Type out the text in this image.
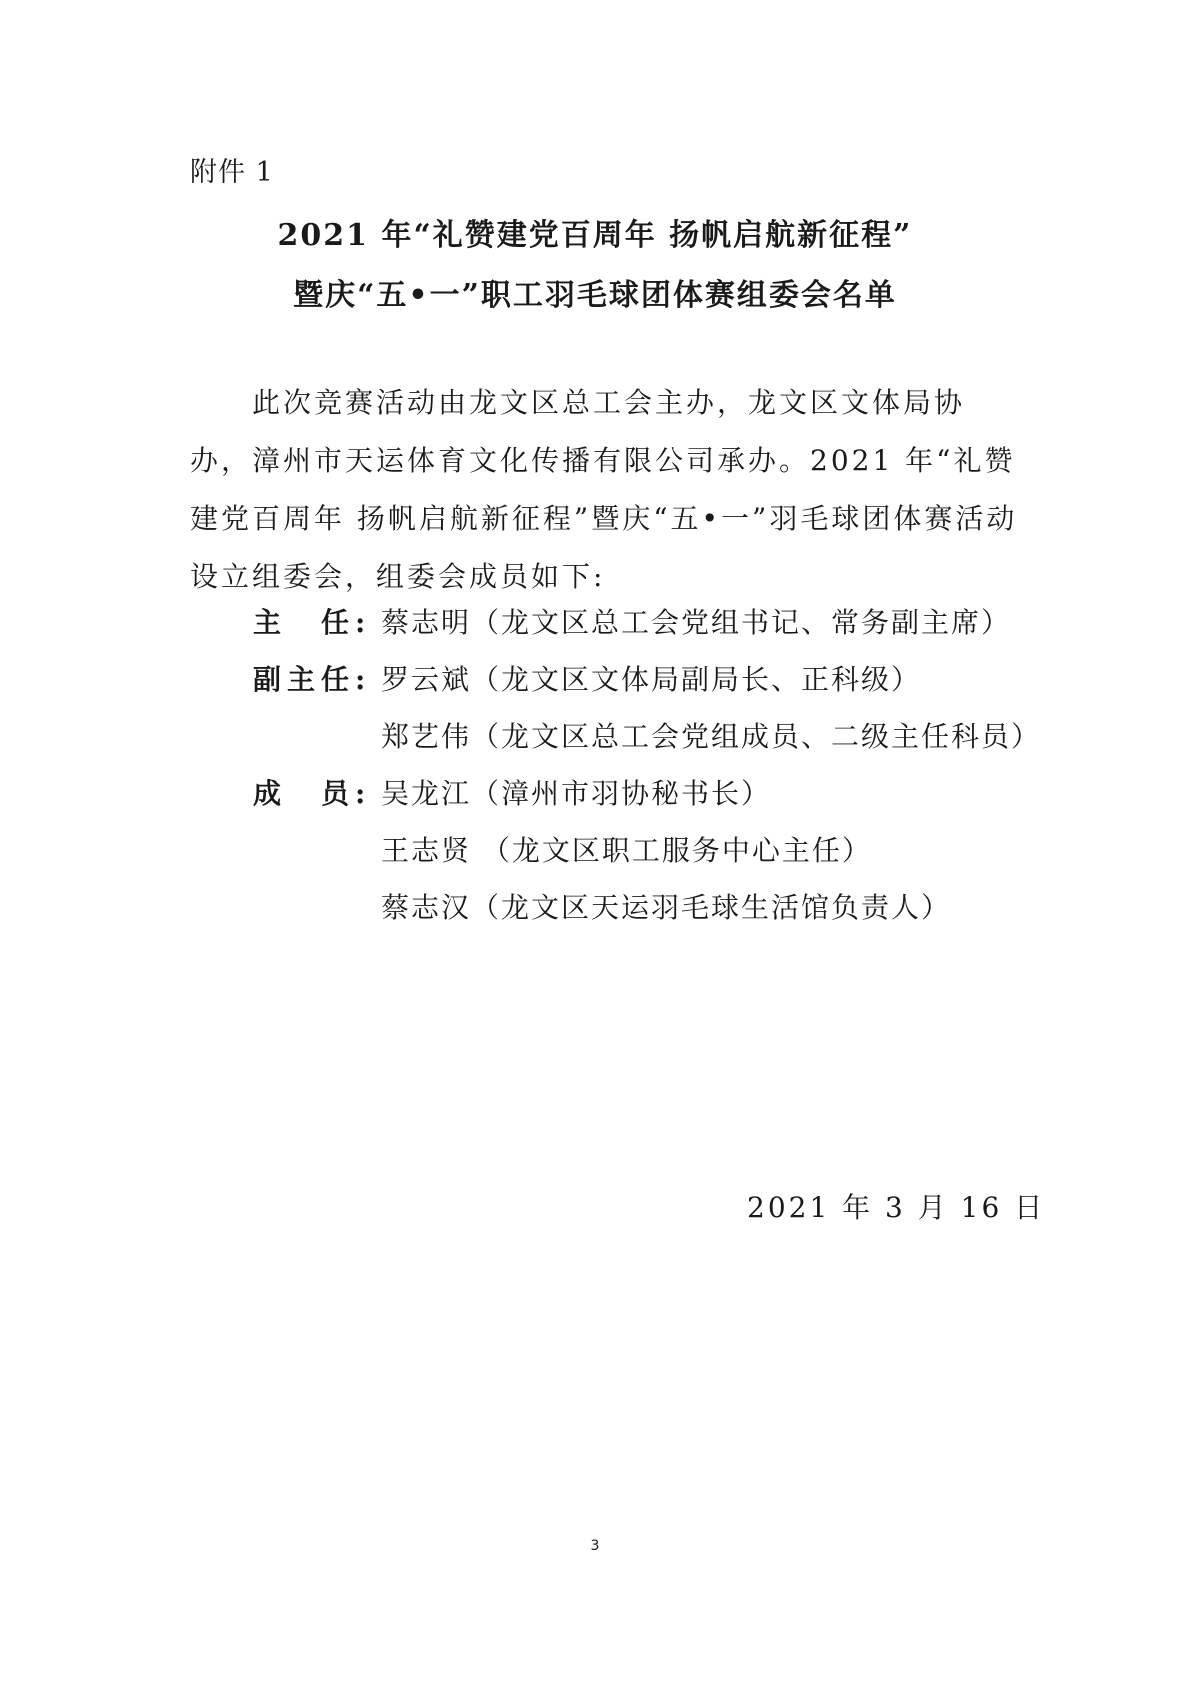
附件 1
2021 年“礼赞建党百周年 扬帆启航新征程”
暨庆“五•一”职工羽毛球团体赛组委会名单
此次竞赛活动由龙文区总工会主办，龙文区文体局协办，漳州市天运体育文化传播有限公司承办。2021 年“礼赞建党百周年 扬帆启航新征程”暨庆“五•一”羽毛球团体赛活动设立组委会，组委会成员如下:
主　任: 蔡志明（龙文区总工会党组书记、常务副主席）
副主任: 罗云斌（龙文区文体局副局长、正科级）
郑艺伟（龙文区总工会党组成员、二级主任科员）
成　员: 吴龙江（漳州市羽协秘书长）
王志贤 （龙文区职工服务中心主任）
蔡志汉（龙文区天运羽毛球生活馆负责人）
2021 年 3 月 16 日
3
